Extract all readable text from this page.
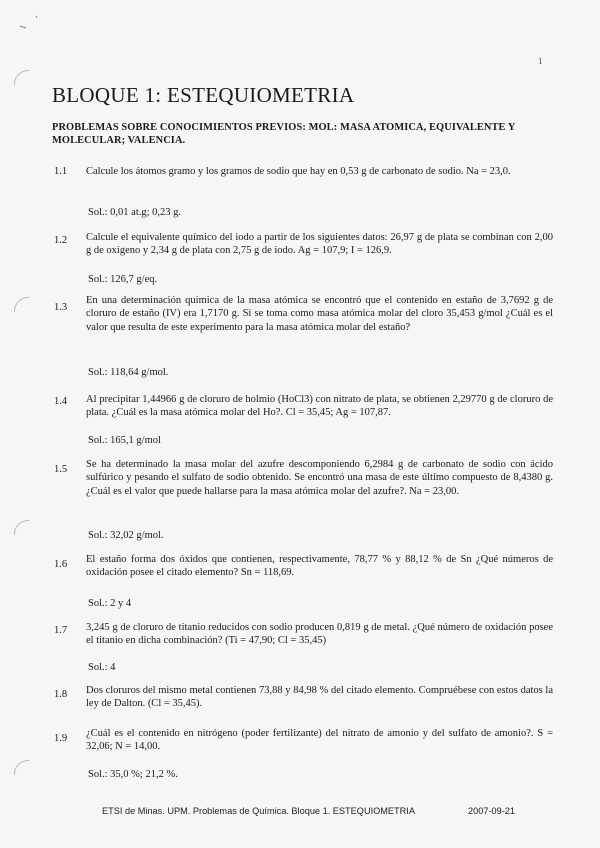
1
BLOQUE 1: ESTEQUIOMETRIA
PROBLEMAS SOBRE CONOCIMIENTOS PREVIOS: MOL: MASA ATOMICA, EQUIVALENTE Y MOLECULAR; VALENCIA.
1.1 Calcule los átomos gramo y los gramos de sodio que hay en 0,53 g de carbonato de sodio. Na = 23,0.
Sol.: 0,01 at.g; 0,23 g.
1.2 Calcule el equivalente químico del iodo a partir de los siguientes datos: 26,97 g de plata se combinan con 2,00 g de oxígeno y 2,34 g de plata con 2,75 g de iodo. Ag = 107,9; I = 126,9.
Sol.: 126,7 g/eq.
1.3
En una determinación química de la masa atómica se encontró que el contenido en estaño de 3,7692 g de cloruro de estaño (IV) era 1,7170 g. Si se toma como masa atómica molar del cloro 35,453 g/mol ¿Cuál es el valor que resulta de este experimento para la masa atómica molar del estaño?
Sol.: 118,64 g/mol.
1.4 Al precipitar 1,44966 g de cloruro de holmio (HoCl3) con nitrato de plata, se obtienen 2,29770 g de cloruro de plata. ¿Cuál es la masa atómica molar del Ho?. Cl = 35,45; Ag = 107,87.
Sol.: 165,1 g/mol
1.5 Se ha determinado la masa molar del azufre descomponiendo 6,2984 g de carbonato de sodio con ácido sulfúrico y pesando el sulfato de sodio obtenido. Se encontró una masa de este último compuesto de 8,4380 g. ¿Cuál es el valor que puede hallarse para la masa atómica molar del azufre?. Na = 23,00.
Sol.: 32,02 g/mol.
1.6 El estaño forma dos óxidos que contienen, respectivamente, 78,77 % y 88,12 % de Sn ¿Qué números de oxidación posee el citado elemento? Sn = 118,69.
Sol.: 2 y 4
1.7 3,245 g de cloruro de titanio reducidos con sodio producen 0,819 g de metal. ¿Qué número de oxidación posee el titanio en dicha combinación? (Ti = 47,90; Cl = 35,45)
Sol.: 4
1.8 Dos cloruros del mismo metal contienen 73,88 y 84,98 % del citado elemento. Compruébese con estos datos la ley de Dalton. (Cl = 35,45).
1.9 ¿Cuál es el contenido en nitrógeno (poder fertilizante) del nitrato de amonio y del sulfato de amonio?. S = 32,06; N = 14,00.
Sol.: 35,0 %; 21,2 %.
ETSI de Minas. UPM. Problemas de Química. Bloque 1. ESTEQUIOMETRIA	2007-09-21
